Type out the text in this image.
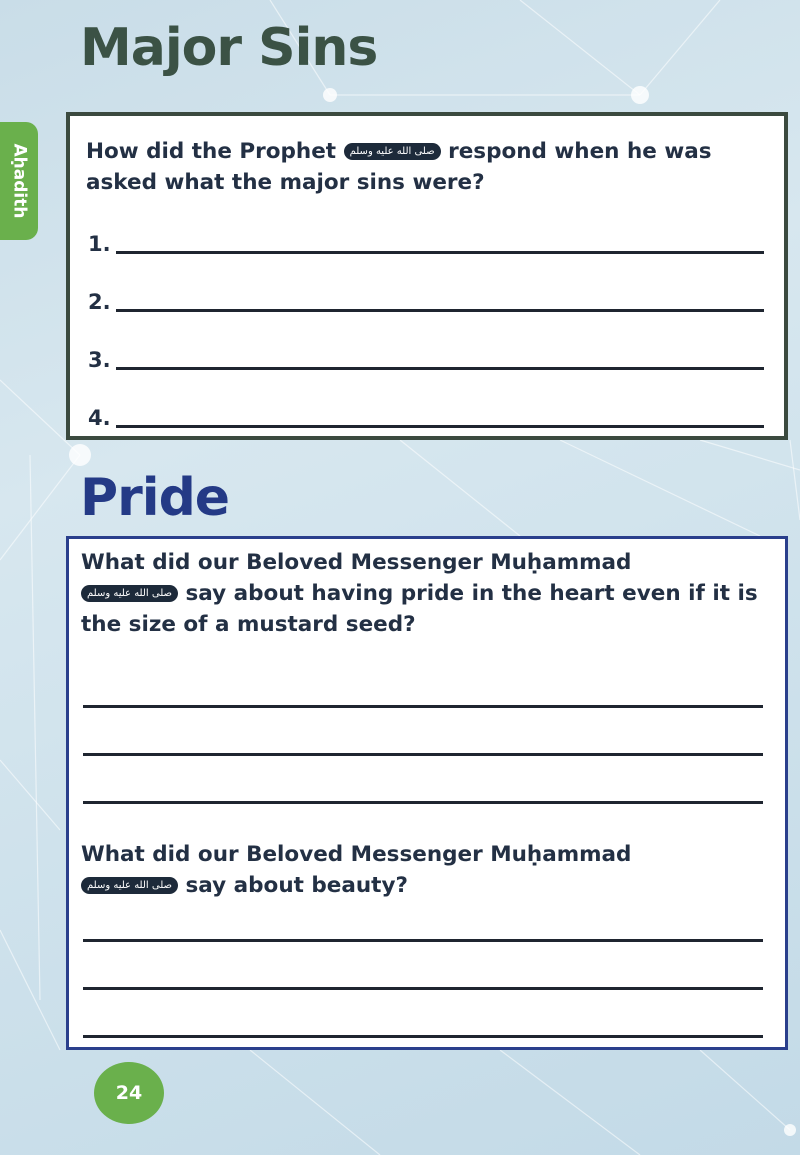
Aḥadith
Major Sins

How did the Prophet صلى الله عليه وسلم respond when he was asked what the major sins were?

1.
2.
3.
4.
Pride

What did our Beloved Messenger Muḥammad
صلى الله عليه وسلم say about having pride in the heart even if it is the size of a mustard seed?

What did our Beloved Messenger Muḥammad
صلى الله عليه وسلم say about beauty?

24
